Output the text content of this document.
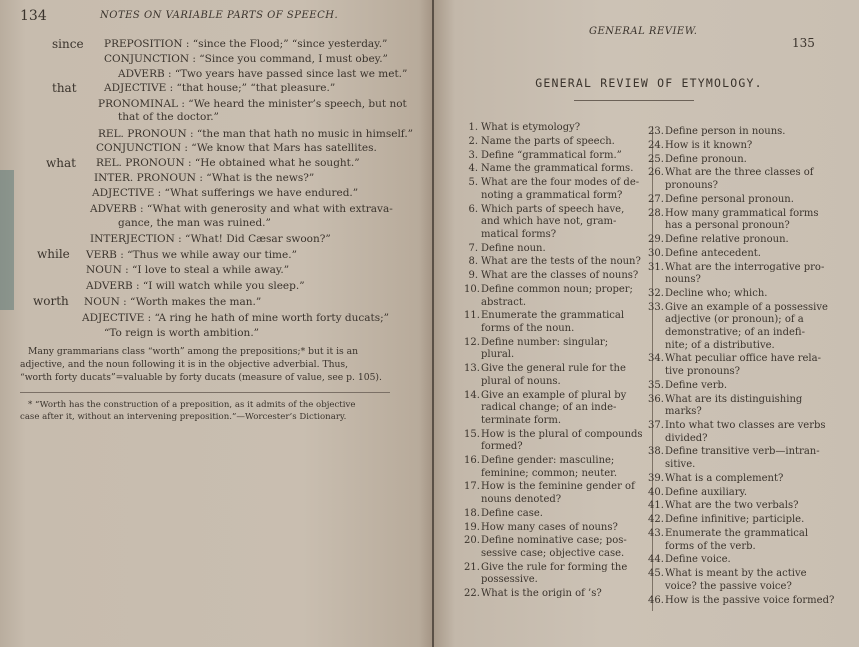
134	NOTES ON VARIABLE PARTS OF SPEECH.
since PREPOSITION : “since the Flood;” “since yesterday.”
CONJUNCTION : “Since you command, I must obey.”
ADVERB : “Two years have passed since last we met.”
that	ADJECTIVE : “that house;” “that pleasure.”
PRONOMINAL : “We heard the minister’s speech, but not
that of the doctor.”
REL. PRONOUN : “the man that hath no music in himself.”
CONJUNCTION : “We know that Mars has satellites.
what REL. PRONOUN : “He obtained what he sought.”
INTER. PRONOUN : “What is the news?”
ADJECTIVE : “What sufferings we have endured.”
ADVERB : “What with generosity and what with extrava-
gance, the man was ruined.”
INTERJECTION : “What! Did Cæsar swoon?”
while VERB : “Thus we while away our time.”
NOUN : “I love to steal a while away.”
ADVERB : “I will watch while you sleep.”
worth NOUN : “Worth makes the man.”
ADJECTIVE : “A ring he hath of mine worth forty ducats;”
“To reign is worth ambition.”
Many grammarians class “worth” among the prepositions;* but it is an
adjective, and the noun following it is in the objective adverbial. Thus,
“worth forty ducats”=valuable by forty ducats (measure of value, see p. 105).
* “Worth has the construction of a preposition, as it admits of the objective
case after it, without an intervening preposition.”—Worcester’s Dictionary.
GENERAL REVIEW.
135
GENERAL REVIEW OF ETYMOLOGY.
1. What is etymology?
2. Name the parts of speech.
3. Define “grammatical form.”
4. Name the grammatical forms.
5. What are the four modes of de-
noting a grammatical form?
6. Which parts of speech have,
and which have not, gram-
matical forms?
7. Define noun.
8. What are the tests of the noun?
9. What are the classes of nouns?
10.Define common noun; proper;
abstract.
11.Enumerate the grammatical
forms of the noun.
12.Define number: singular;
plural.
13.Give the general rule for the
plural of nouns.
14.Give an example of plural by
radical change; of an inde-
terminate form.
15.How is the plural of compounds
formed?
16.Define gender: masculine;
feminine; common; neuter.
17.How is the feminine gender of
nouns denoted?
18.Define case.
19.How many cases of nouns?
20.Define nominative case; pos-
sessive case; objective case.
21.Give the rule for forming the
possessive.
22.What is the origin of ’s?
23.Define person in nouns.
24.How is it known?
25.Define pronoun.
26.What are the three classes of
pronouns?
27.Define personal pronoun.
28.How many grammatical forms
has a personal pronoun?
29.Define relative pronoun.
30.Define antecedent.
31.What are the interrogative pro-
nouns?
32.Decline who; which.
33.Give an example of a possessive
adjective (or pronoun); of a
demonstrative; of an indefi-
nite; of a distributive.
34.What peculiar office have rela-
tive pronouns?
35.Define verb.
36.What are its distinguishing
marks?
37.Into what two classes are verbs
divided?
38.Define transitive verb—intran-
sitive.
39.What is a complement?
40.Define auxiliary.
41.What are the two verbals?
42.Define infinitive; participle.
43.Enumerate the grammatical
forms of the verb.
44.Define voice.
45.What is meant by the active
voice? the passive voice?
46.How is the passive voice formed?
